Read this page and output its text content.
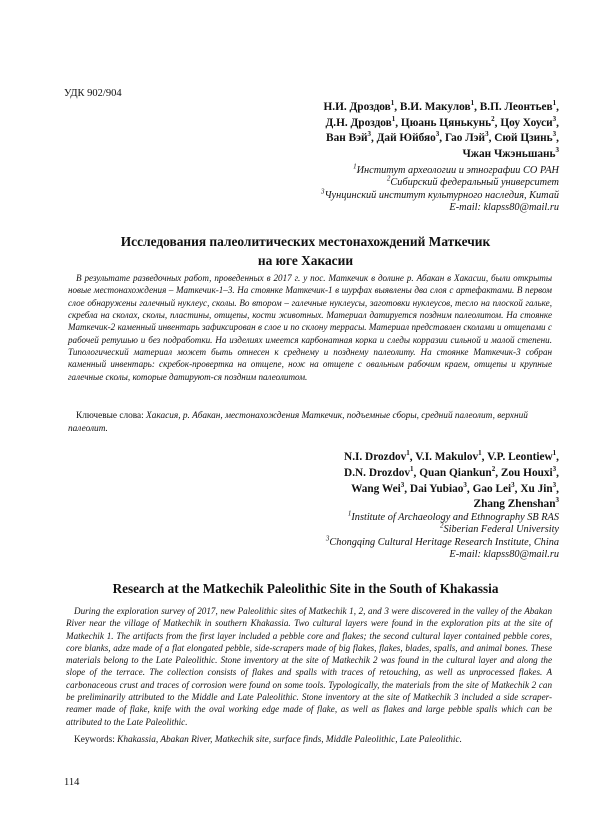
УДК 902/904
Н.И. Дроздов$^1$, В.И. Макулов$^1$, В.П. Леонтьев$^1$,
Д.Н. Дроздов$^1$, Цюань Цянькунь$^2$, Цоу Хоуси$^3$,
Ван Вэй$^3$, Дай Юйбяо$^3$, Гао Лэй$^3$, Сюй Цзинь$^3$,
Чжан Чжэньшань$^3$
$^1$Институт археологии и этнографии СО РАН
$^2$Сибирский федеральный университет
$^3$Чунцинский институт культурного наследия, Китай
E-mail: klapss80@mail.ru
Исследования палеолитических местонахождений Маткечик
на юге Хакасии
В результате разведочных работ, проведенных в 2017 г. у пос. Маткечик в долине р. Абакан в Хакасии, были открыты новые местонахождения – Маткечик-1–3. На стоянке Маткечик-1 в шурфах выявлены два слоя с артефактами. В первом слое обнаружены галечный нуклеус, сколы. Во втором – галечные нуклеусы, заготовки нуклеусов, тесло на плоской гальке, скребла на сколах, сколы, пластины, отщепы, кости животных. Материал датируется поздним палеолитом. На стоянке Маткечик-2 каменный инвентарь зафиксирован в слое и по склону террасы. Материал представлен сколами и отщепами с рабочей ретушью и без подработки. На изделиях имеется карбонатная корка и следы корразии сильной и малой степени. Типологический материал может быть отнесен к среднему и позднему палеолиту. На стоянке Маткечик-3 собран каменный инвентарь: скребок-провертка на отщепе, нож на отщепе с овальным рабочим краем, отщепы и крупные галечные сколы, которые датируют-ся поздним палеолитом.
Ключевые слова: Хакасия, р. Абакан, местонахождения Маткечик, подъемные сборы, средний палеолит, верхний палеолит.
N.I. Drozdov$^1$, V.I. Makulov$^1$, V.P. Leontiew$^1$,
D.N. Drozdov$^1$, Quan Qiankun$^2$, Zou Houxi$^3$,
Wang Wei$^3$, Dai Yubiao$^3$, Gao Lei$^3$, Xu Jin$^3$,
Zhang Zhenshan$^3$
$^1$Institute of Archaeology and Ethnography SB RAS
$^2$Siberian Federal University
$^3$Chongqing Cultural Heritage Research Institute, China
E-mail: klapss80@mail.ru
Research at the Matkechik Paleolithic Site in the South of Khakassia
During the exploration survey of 2017, new Paleolithic sites of Matkechik 1, 2, and 3 were discovered in the valley of the Abakan River near the village of Matkechik in southern Khakassia. Two cultural layers were found in the exploration pits at the site of Matkechik 1. The artifacts from the first layer included a pebble core and flakes; the second cultural layer contained pebble cores, core blanks, adze made of a flat elongated pebble, side-scrapers made of big flakes, flakes, blades, spalls, and animal bones. These materials belong to the Late Paleolithic. Stone inventory at the site of Matkechik 2 was found in the cultural layer and along the slope of the terrace. The collection consists of flakes and spalls with traces of retouching, as well as unprocessed flakes. A carbonaceous crust and traces of corrosion were found on some tools. Typologically, the materials from the site of Matkechik 2 can be preliminarily attributed to the Middle and Late Paleolithic. Stone inventory at the site of Matkechik 3 included a side scraper-reamer made of flake, knife with the oval working edge made of flake, as well as flakes and large pebble spalls which can be attributed to the Late Paleolithic.
Keywords: Khakassia, Abakan River, Matkechik site, surface finds, Middle Paleolithic, Late Paleolithic.
114
